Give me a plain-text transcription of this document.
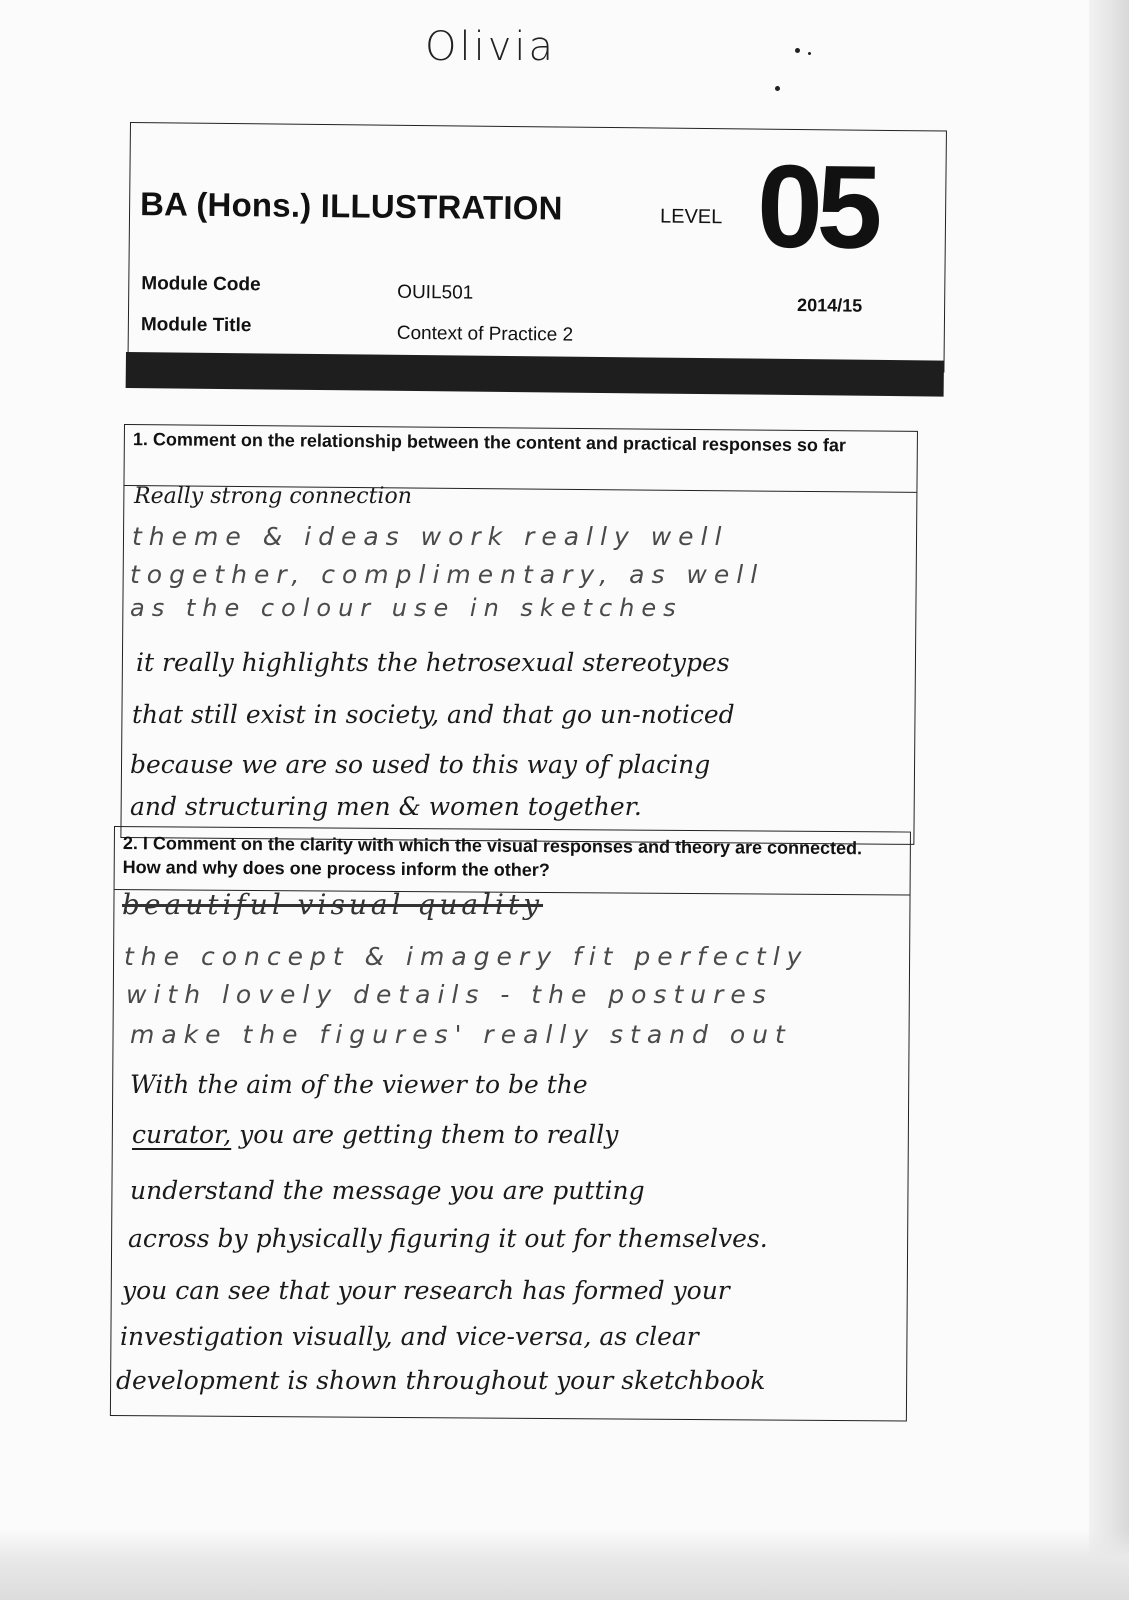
Olivia
BA (Hons.) ILLUSTRATION	LEVEL 05
2014/15
Module Code	OUIL501
Module Title	Context of Practice 2
1. Comment on the relationship between the content and practical responses so far
Really strong connection
theme & ideas work really well
together, complimentary, as well
as the colour use in sketches
it really highlights the hetrosexual stereotypes
that still exist in society, and that go un-noticed
because we are so used to this way of placing
and structuring men & women together.
2. I Comment on the clarity with which the visual responses and theory are connected. How and why does one process inform the other?
beautiful visual quality
the concept & imagery fit perfectly
with lovely details - the postures
make the figures' really stand out
With the aim of the viewer to be the
curator, you are getting them to really
understand the message you are putting
across by physically figuring it out for themselves.
you can see that your research has formed your
investigation visually, and vice-versa, as clear
development is shown throughout your sketchbook
